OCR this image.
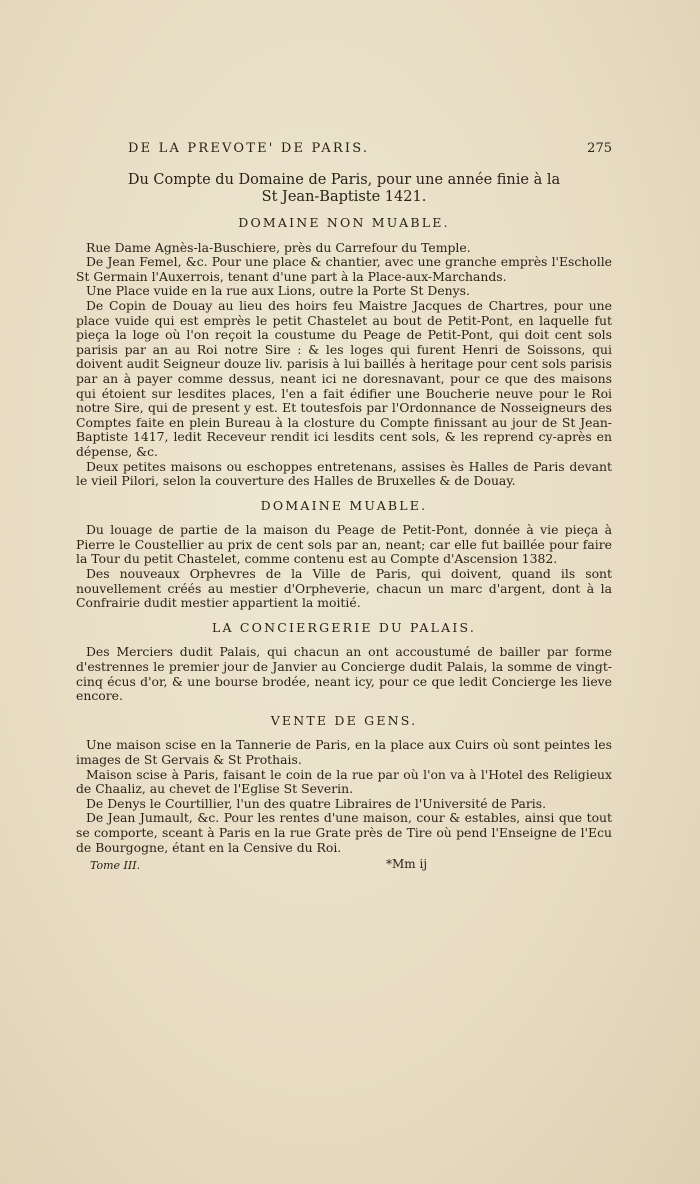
DE LA PREVOTE' DE PARIS.	275
Du Compte du Domaine de Paris, pour une année finie à la
St Jean-Baptiste 1421.
DOMAINE NON MUABLE.

Rue Dame Agnès-la-Buschiere, près du Carrefour du Temple.

De Jean Femel, &c. Pour une place & chantier, avec une granche emprès l'Escholle St Germain l'Auxerrois, tenant d'une part à la Place-aux-Marchands.

Une Place vuide en la rue aux Lions, outre la Porte St Denys.

De Copin de Douay au lieu des hoirs feu Maistre Jacques de Chartres, pour une place vuide qui est emprès le petit Chastelet au bout de Petit-Pont, en laquelle fut pieça la loge où l'on reçoit la coustume du Peage de Petit-Pont, qui doit cent sols parisis par an au Roi notre Sire : & les loges qui furent Henri de Soissons, qui doivent audit Seigneur douze liv. parisis à lui baillés à heritage pour cent sols parisis par an à payer comme dessus, neant ici ne doresnavant, pour ce que des maisons qui étoient sur lesdites places, l'en a fait édifier une Boucherie neuve pour le Roi notre Sire, qui de present y est. Et toutesfois par l'Ordonnance de Nosseigneurs des Comptes faite en plein Bureau à la closture du Compte finissant au jour de St Jean-Baptiste 1417, ledit Receveur rendit ici lesdits cent sols, & les reprend cy-après en dépense, &c.

Deux petites maisons ou eschoppes entretenans, assises ès Halles de Paris devant le vieil Pilori, selon la couverture des Halles de Bruxelles & de Douay.

DOMAINE MUABLE.

Du louage de partie de la maison du Peage de Petit-Pont, donnée à vie pieça à Pierre le Coustellier au prix de cent sols par an, neant; car elle fut baillée pour faire la Tour du petit Chastelet, comme contenu est au Compte d'Ascension 1382.

Des nouveaux Orphevres de la Ville de Paris, qui doivent, quand ils sont nouvellement créés au mestier d'Orpheverie, chacun un marc d'argent, dont à la Confrairie dudit mestier appartient la moitié.

LA CONCIERGERIE DU PALAIS.

Des Merciers dudit Palais, qui chacun an ont accoustumé de bailler par forme d'estrennes le premier jour de Janvier au Concierge dudit Palais, la somme de vingt-cinq écus d'or, & une bourse brodée, neant icy, pour ce que ledit Concierge les lieve encore.

VENTE DE GENS.

Une maison scise en la Tannerie de Paris, en la place aux Cuirs où sont peintes les images de St Gervais & St Prothais.

Maison scise à Paris, faisant le coin de la rue par où l'on va à l'Hotel des Religieux de Chaaliz, au chevet de l'Eglise St Severin.

De Denys le Courtillier, l'un des quatre Libraires de l'Université de Paris.

De Jean Jumault, &c. Pour les rentes d'une maison, cour & estables, ainsi que tout se comporte, sceant à Paris en la rue Grate près de Tire où pend l'Enseigne de l'Ecu de Bourgogne, étant en la Censive du Roi.

Tome III.	*Mm ij
